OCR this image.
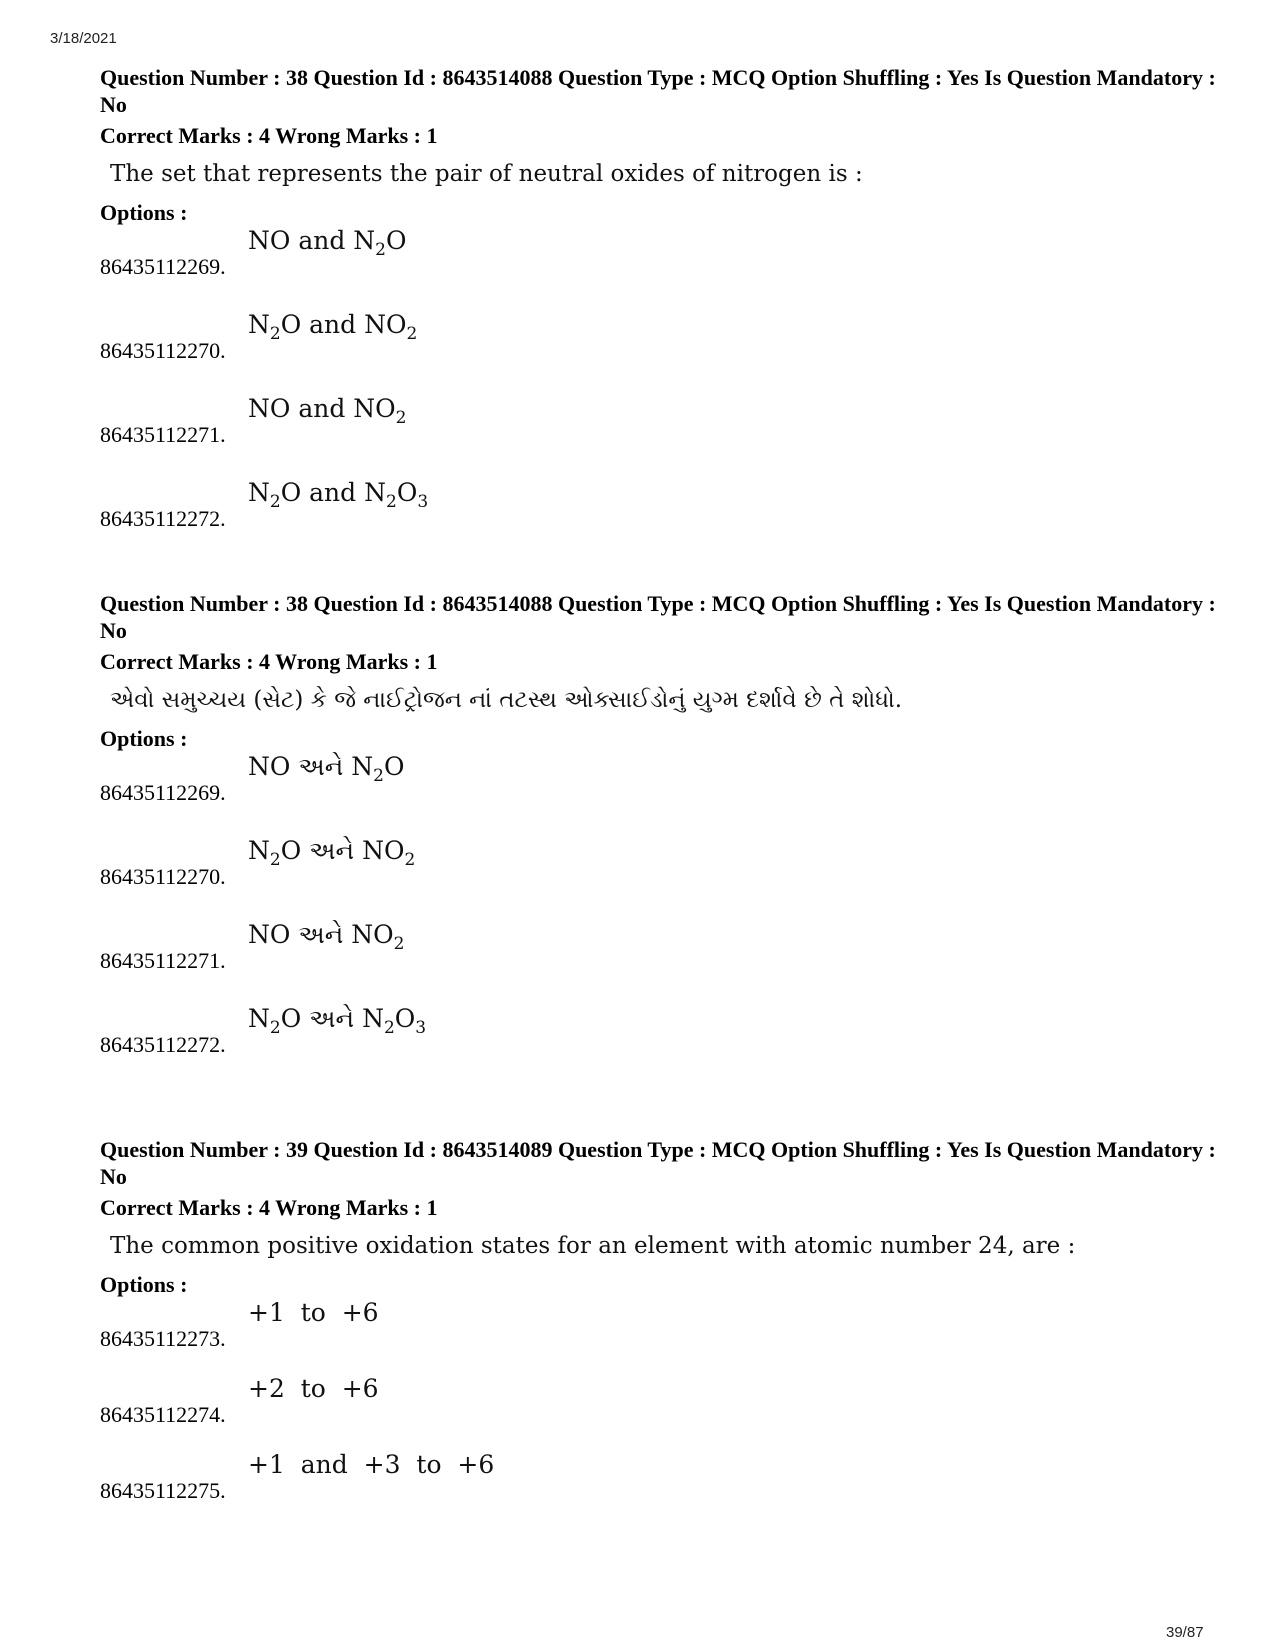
3/18/2021
Question Number : 38 Question Id : 8643514088 Question Type : MCQ Option Shuffling : Yes Is Question Mandatory : No
Correct Marks : 4 Wrong Marks : 1
The set that represents the pair of neutral oxides of nitrogen is :
Options :
86435112269.
NO and $N_2O$
86435112270.
$N_2O$ and $NO_2$
86435112271.
NO and $NO_2$
86435112272.
$N_2O$ and $N_2O_3$
Question Number : 38 Question Id : 8643514088 Question Type : MCQ Option Shuffling : Yes Is Question Mandatory : No
Correct Marks : 4 Wrong Marks : 1
એવો સમુચ્ચય (સેટ) કે જે નાઈટ્રોજન નાં તટસ્થ ઓક્સાઈડોનું યુગ્મ દર્શાવે છે તે શોધો.
Options :
86435112269.
NO અને $N_2O$
86435112270.
$N_2O$ અને $NO_2$
86435112271.
NO અને $NO_2$
86435112272.
$N_2O$ અને $N_2O_3$
Question Number : 39 Question Id : 8643514089 Question Type : MCQ Option Shuffling : Yes Is Question Mandatory : No
Correct Marks : 4 Wrong Marks : 1
The common positive oxidation states for an element with atomic number 24, are :
Options :
86435112273.
+1  to  +6
86435112274.
+2  to  +6
86435112275.
+1  and  +3  to  +6
39/87
